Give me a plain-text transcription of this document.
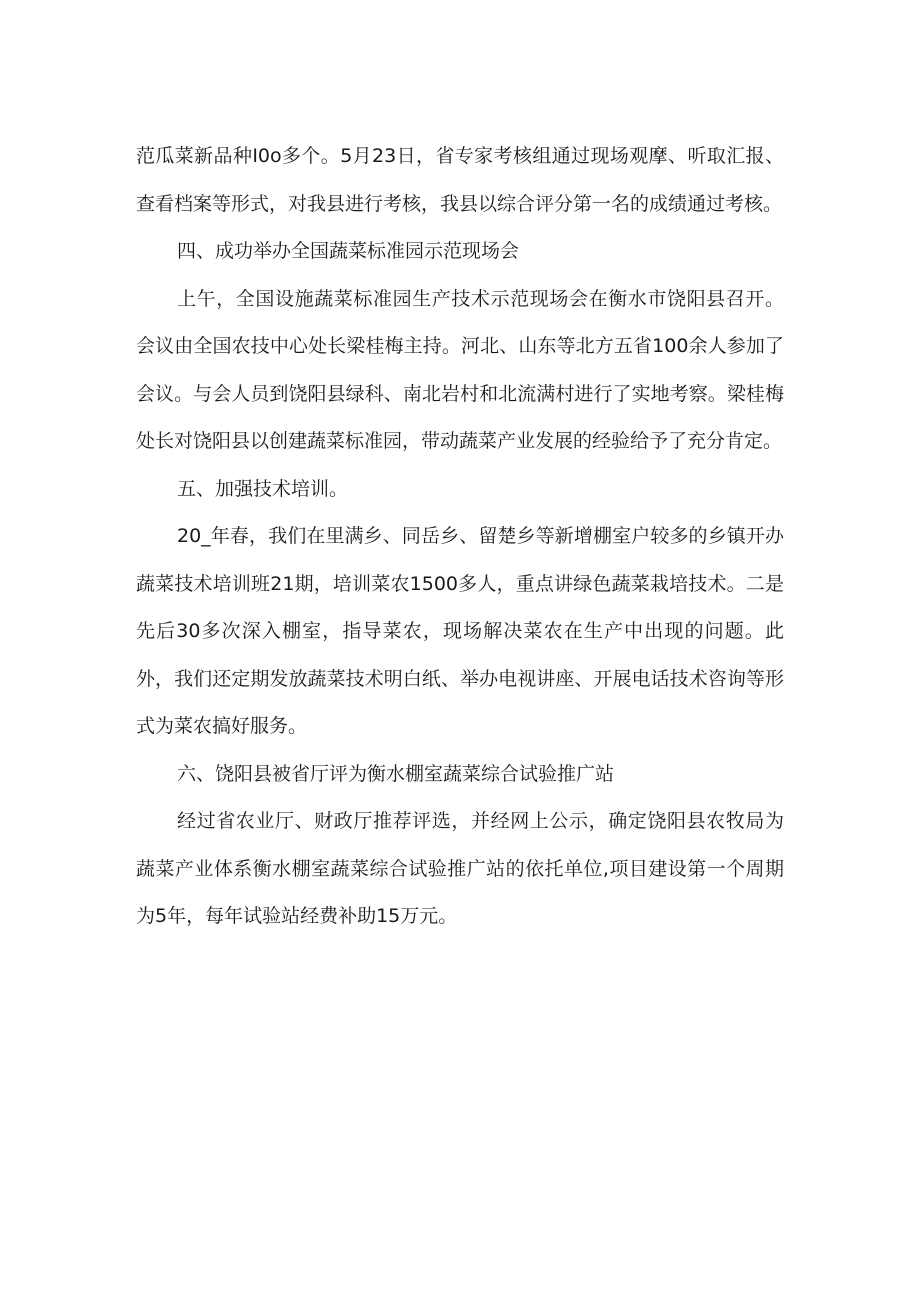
范瓜菜新品种I0o多个。5月23日，省专家考核组通过现场观摩、听取汇报、查看档案等形式，对我县进行考核，我县以综合评分第一名的成绩通过考核。

四、成功举办全国蔬菜标准园示范现场会

上午，全国设施蔬菜标准园生产技术示范现场会在衡水市饶阳县召开。会议由全国农技中心处长梁桂梅主持。河北、山东等北方五省100余人参加了会议。与会人员到饶阳县绿科、南北岩村和北流满村进行了实地考察。梁桂梅处长对饶阳县以创建蔬菜标准园，带动蔬菜产业发展的经验给予了充分肯定。

五、加强技术培训。

20_年春，我们在里满乡、同岳乡、留楚乡等新增棚室户较多的乡镇开办蔬菜技术培训班21期，培训菜农1500多人，重点讲绿色蔬菜栽培技术。二是先后30多次深入棚室，指导菜农，现场解决菜农在生产中出现的问题。此外，我们还定期发放蔬菜技术明白纸、举办电视讲座、开展电话技术咨询等形式为菜农搞好服务。

六、饶阳县被省厅评为衡水棚室蔬菜综合试验推广站

经过省农业厅、财政厅推荐评选，并经网上公示，确定饶阳县农牧局为蔬菜产业体系衡水棚室蔬菜综合试验推广站的依托单位,项目建设第一个周期为5年，每年试验站经费补助15万元。
